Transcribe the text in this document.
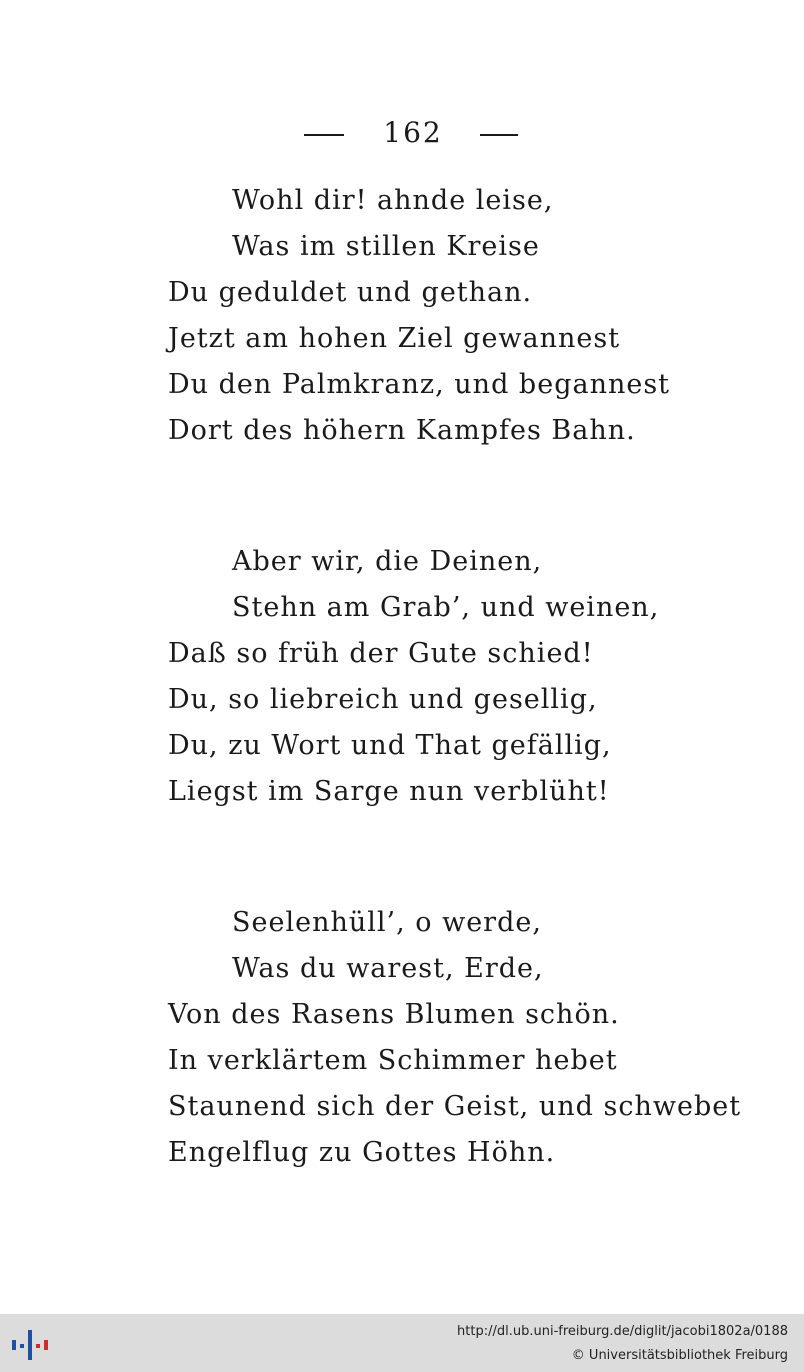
162
Wohl dir! ahnde leise,
Was im stillen Kreise
Du geduldet und gethan.
Jetzt am hohen Ziel gewannest
Du den Palmkranz, und begannest
Dort des höhern Kampfes Bahn.
Aber wir, die Deinen,
Stehn am Grab’, und weinen,
Daß so früh der Gute schied!
Du, so liebreich und gesellig,
Du, zu Wort und That gefällig,
Liegst im Sarge nun verblüht!
Seelenhüll’, o werde,
Was du warest, Erde,
Von des Rasens Blumen schön.
In verklärtem Schimmer hebet
Staunend sich der Geist, und schwebet
Engelflug zu Gottes Höhn.
http://dl.ub.uni-freiburg.de/diglit/jacobi1802a/0188
© Universitätsbibliothek Freiburg
